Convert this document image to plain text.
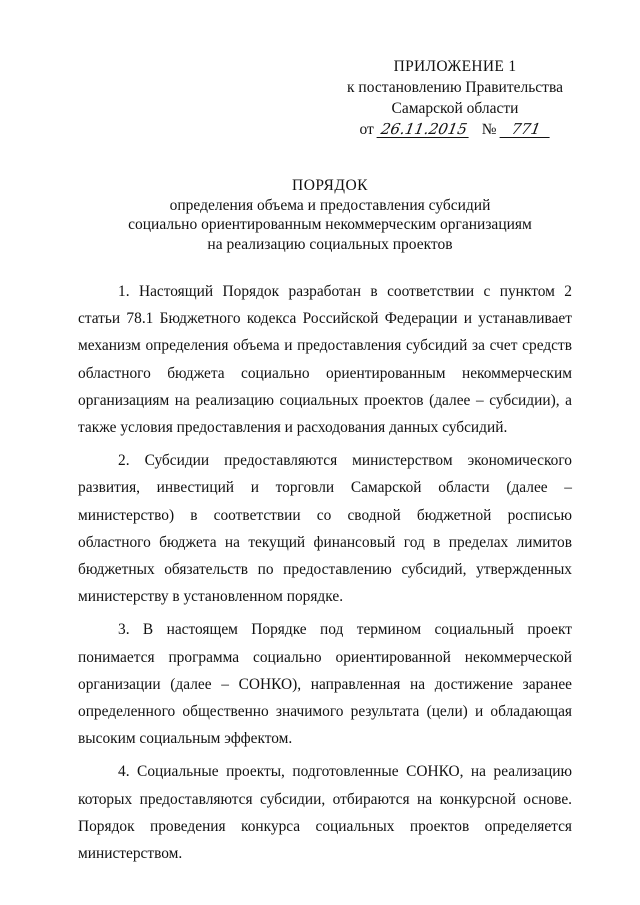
ПРИЛОЖЕНИЕ 1
к постановлению Правительства
Самарской области
от 26.11.2015 № 771
ПОРЯДОК
определения объема и предоставления субсидий
социально ориентированным некоммерческим организациям
на реализацию социальных проектов

1. Настоящий Порядок разработан в соответствии с пунктом 2 статьи 78.1 Бюджетного кодекса Российской Федерации и устанавливает механизм определения объема и предоставления субсидий за счет средств областного бюджета социально ориентированным некоммерческим организациям на реализацию социальных проектов (далее – субсидии), а также условия предоставления и расходования данных субсидий.

2. Субсидии предоставляются министерством экономического развития, инвестиций и торговли Самарской области (далее – министерство) в соответствии со сводной бюджетной росписью областного бюджета на текущий финансовый год в пределах лимитов бюджетных обязательств по предоставлению субсидий, утвержденных министерству в установленном порядке.

3. В настоящем Порядке под термином социальный проект понимается программа социально ориентированной некоммерческой организации (далее – СОНКО), направленная на достижение заранее определенного общественно значимого результата (цели) и обладающая высоким социальным эффектом.

4. Социальные проекты, подготовленные СОНКО, на реализацию которых предоставляются субсидии, отбираются на конкурсной основе. Порядок проведения конкурса социальных проектов определяется министерством.
